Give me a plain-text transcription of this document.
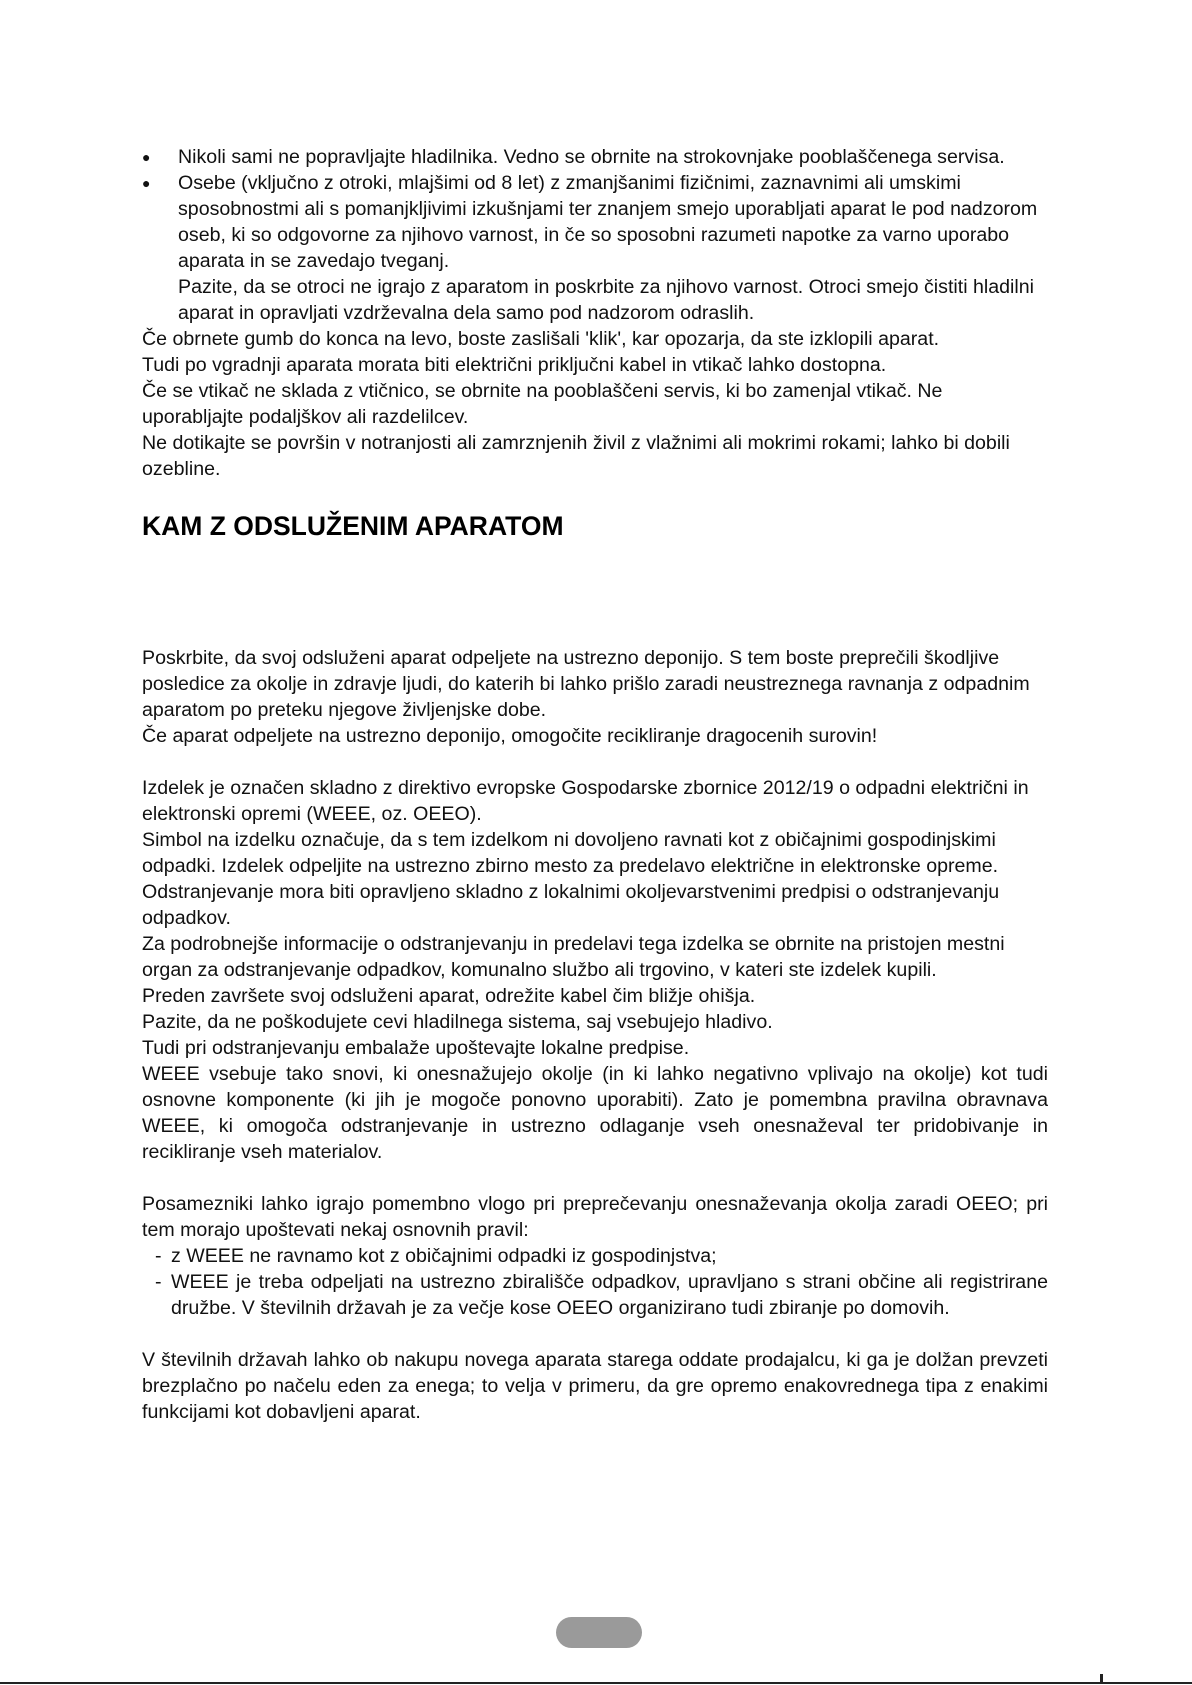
● Nikoli sami ne popravljajte hladilnika. Vedno se obrnite na strokovnjake pooblaščenega servisa.
● Osebe (vključno z otroki, mlajšimi od 8 let) z zmanjšanimi fizičnimi, zaznavnimi ali umskimi sposobnostmi ali s pomanjkljivimi izkušnjami ter znanjem smejo uporabljati aparat le pod nadzorom oseb, ki so odgovorne za njihovo varnost, in če so sposobni razumeti napotke za varno uporabo aparata in se zavedajo tveganj.
Pazite, da se otroci ne igrajo z aparatom in poskrbite za njihovo varnost. Otroci smejo čistiti hladilni aparat in opravljati vzdrževalna dela samo pod nadzorom odraslih.

Če obrnete gumb do konca na levo, boste zaslišali 'klik', kar opozarja, da ste izklopili aparat.

Tudi po vgradnji aparata morata biti električni priključni kabel in vtikač lahko dostopna.

Če se vtikač ne sklada z vtičnico, se obrnite na pooblaščeni servis, ki bo zamenjal vtikač. Ne uporabljajte podaljškov ali razdelilcev.

Ne dotikajte se površin v notranjosti ali zamrznjenih živil z vlažnimi ali mokrimi rokami; lahko bi dobili ozebline.

KAM Z ODSLUŽENIM APARATOM

Poskrbite, da svoj odsluženi aparat odpeljete na ustrezno deponijo. S tem boste preprečili škodljive posledice za okolje in zdravje ljudi, do katerih bi lahko prišlo zaradi neustreznega ravnanja z odpadnim aparatom po preteku njegove življenjske dobe.

Če aparat odpeljete na ustrezno deponijo, omogočite recikliranje dragocenih surovin!

Izdelek je označen skladno z direktivo evropske Gospodarske zbornice 2012/19 o odpadni električni in elektronski opremi (WEEE, oz. OEEO).

Simbol na izdelku označuje, da s tem izdelkom ni dovoljeno ravnati kot z običajnimi gospodinjskimi odpadki. Izdelek odpeljite na ustrezno zbirno mesto za predelavo električne in elektronske opreme.

Odstranjevanje mora biti opravljeno skladno z lokalnimi okoljevarstvenimi predpisi o odstranjevanju odpadkov.

Za podrobnejše informacije o odstranjevanju in predelavi tega izdelka se obrnite na pristojen mestni organ za odstranjevanje odpadkov, komunalno službo ali trgovino, v kateri ste izdelek kupili.

Preden završete svoj odsluženi aparat, odrežite kabel čim bližje ohišja.

Pazite, da ne poškodujete cevi hladilnega sistema, saj vsebujejo hladivo.

Tudi pri odstranjevanju embalaže upoštevajte lokalne predpise.

WEEE vsebuje tako snovi, ki onesnažujejo okolje (in ki lahko negativno vplivajo na okolje) kot tudi osnovne komponente (ki jih je mogoče ponovno uporabiti). Zato je pomembna pravilna obravnava WEEE, ki omogoča odstranjevanje in ustrezno odlaganje vseh onesnaževal ter pridobivanje in recikliranje vseh materialov.

Posamezniki lahko igrajo pomembno vlogo pri preprečevanju onesnaževanja okolja zaradi OEEO; pri tem morajo upoštevati nekaj osnovnih pravil:

- z WEEE ne ravnamo kot z običajnimi odpadki iz gospodinjstva;
- WEEE je treba odpeljati na ustrezno zbirališče odpadkov, upravljano s strani občine ali registrirane družbe. V številnih državah je za večje kose OEEO organizirano tudi zbiranje po domovih.

V številnih državah lahko ob nakupu novega aparata starega oddate prodajalcu, ki ga je dolžan prevzeti brezplačno po načelu eden za enega; to velja v primeru, da gre opremo enakovrednega tipa z enakimi funkcijami kot dobavljeni aparat.
